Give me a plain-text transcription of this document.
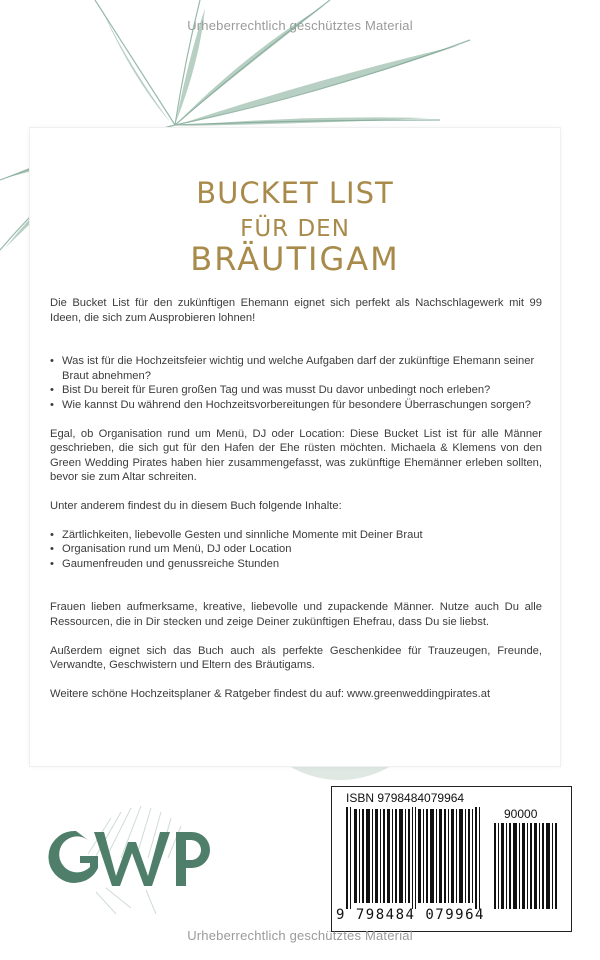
Urheberrechtlich geschütztes Material
BUCKET LIST
FÜR DEN
BRÄUTIGAM

Die Bucket List für den zukünftigen Ehemann eignet sich perfekt als Nachschlagewerk mit 99 Ideen, die sich zum Ausprobieren lohnen!

• Was ist für die Hochzeitsfeier wichtig und welche Aufgaben darf der zukünftige Ehemann seiner Braut abnehmen?
• Bist Du bereit für Euren großen Tag und was musst Du davor unbedingt noch erleben?
• Wie kannst Du während den Hochzeitsvorbereitungen für besondere Überraschungen sorgen?

Egal, ob Organisation rund um Menü, DJ oder Location: Diese Bucket List ist für alle Männer geschrieben, die sich gut für den Hafen der Ehe rüsten möchten. Michaela & Klemens von den Green Wedding Pirates haben hier zusammengefasst, was zukünftige Ehemänner erleben sollten, bevor sie zum Altar schreiten.

Unter anderem findest du in diesem Buch folgende Inhalte:

• Zärtlichkeiten, liebevolle Gesten und sinnliche Momente mit Deiner Braut
• Organisation rund um Menü, DJ oder Location
• Gaumenfreuden und genussreiche Stunden

Frauen lieben aufmerksame, kreative, liebevolle und zupackende Männer. Nutze auch Du alle Ressourcen, die in Dir stecken und zeige Deiner zukünftigen Ehefrau, dass Du sie liebst.

Außerdem eignet sich das Buch auch als perfekte Geschenkidee für Trauzeugen, Freunde, Verwandte, Geschwistern und Eltern des Bräutigams.

Weitere schöne Hochzeitsplaner & Ratgeber findest du auf: www.greenweddingpirates.at

ISBN 9798484079964
90000
9 798484 079964
Urheberrechtlich geschütztes Material
